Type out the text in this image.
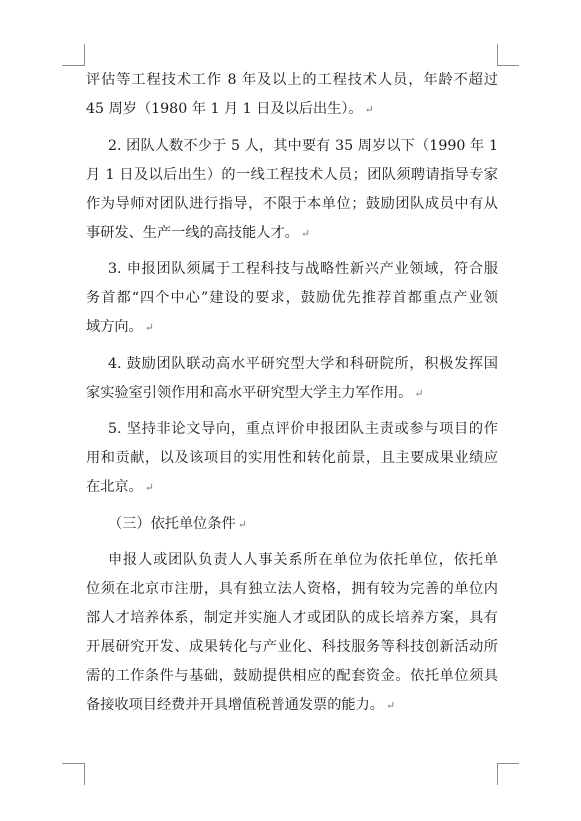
评估等工程技术工作 8 年及以上的工程技术人员，年龄不超过
45 周岁（1980 年 1 月 1 日及以后出生）。 ↵
2. 团队人数不少于 5 人，其中要有 35 周岁以下（1990 年 1
月 1 日及以后出生）的一线工程技术人员；团队须聘请指导专家
作为导师对团队进行指导，不限于本单位；鼓励团队成员中有从
事研发、生产一线的高技能人才。 ↵
3. 申报团队须属于工程科技与战略性新兴产业领域，符合服
务首都“四个中心”建设的要求，鼓励优先推荐首都重点产业领
域方向。 ↵
4. 鼓励团队联动高水平研究型大学和科研院所，积极发挥国
家实验室引领作用和高水平研究型大学主力军作用。 ↵
5. 坚持非论文导向，重点评价申报团队主责或参与项目的作
用和贡献，以及该项目的实用性和转化前景，且主要成果业绩应
在北京。 ↵
（三）依托单位条件 ↵
申报人或团队负责人人事关系所在单位为依托单位，依托单
位须在北京市注册，具有独立法人资格，拥有较为完善的单位内
部人才培养体系，制定并实施人才或团队的成长培养方案，具有
开展研究开发、成果转化与产业化、科技服务等科技创新活动所
需的工作条件与基础，鼓励提供相应的配套资金。依托单位须具
备接收项目经费并开具增值税普通发票的能力。 ↵
